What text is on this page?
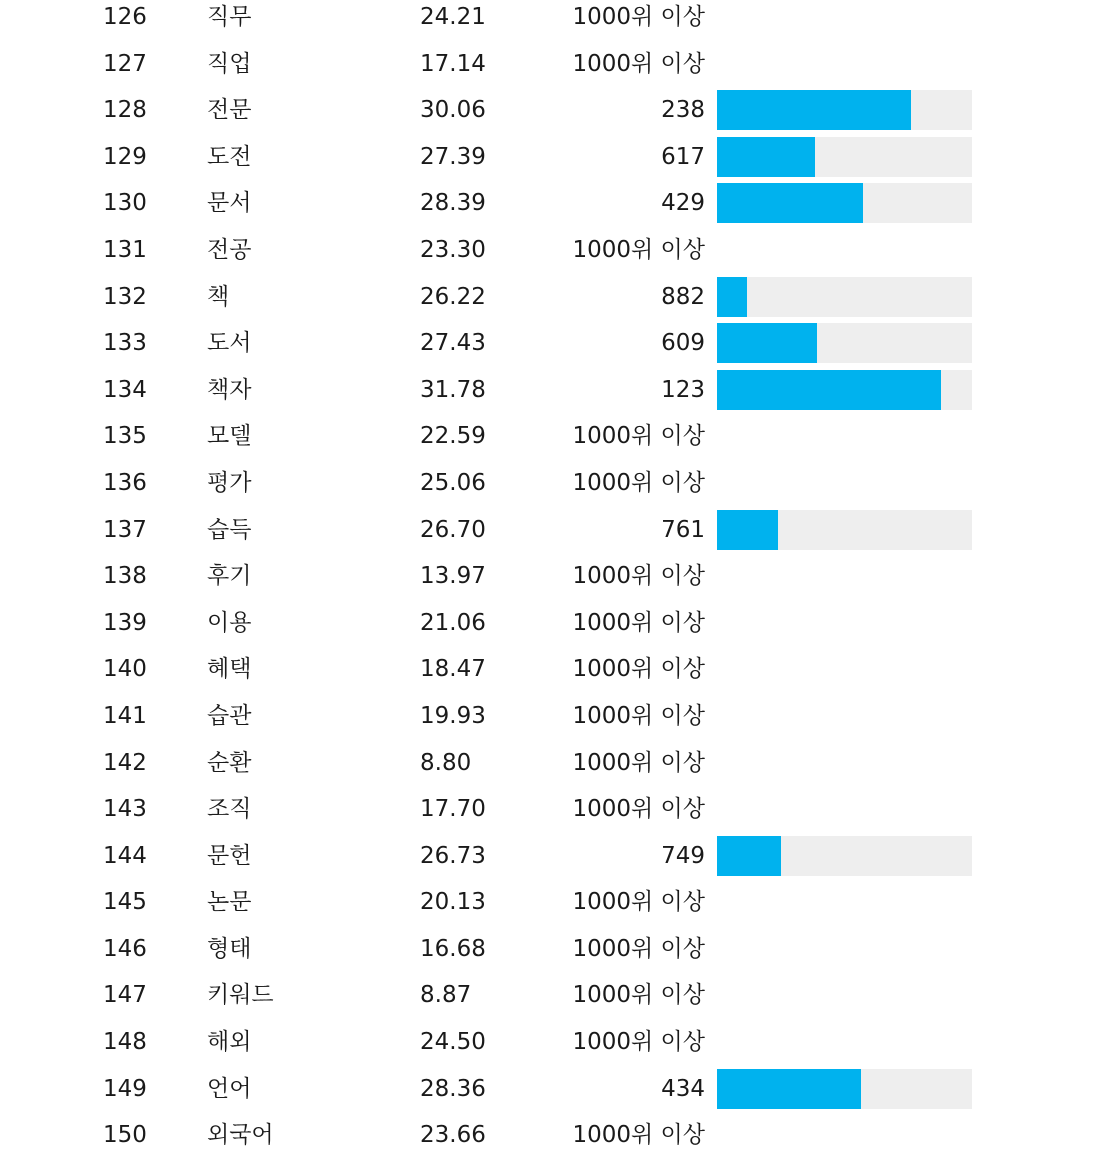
126	직무	24.21	1000위 이상
127	직업	17.14	1000위 이상
128	전문	30.06	238
129	도전	27.39	617
130	문서	28.39	429
131	전공	23.30	1000위 이상
132	책	26.22	882
133	도서	27.43	609
134	책자	31.78	123
135	모델	22.59	1000위 이상
136	평가	25.06	1000위 이상
137	습득	26.70	761
138	후기	13.97	1000위 이상
139	이용	21.06	1000위 이상
140	혜택	18.47	1000위 이상
141	습관	19.93	1000위 이상
142	순환	8.80	1000위 이상
143	조직	17.70	1000위 이상
144	문헌	26.73	749
145	논문	20.13	1000위 이상
146	형태	16.68	1000위 이상
147	키워드	8.87	1000위 이상
148	해외	24.50	1000위 이상
149	언어	28.36	434
150	외국어	23.66	1000위 이상
